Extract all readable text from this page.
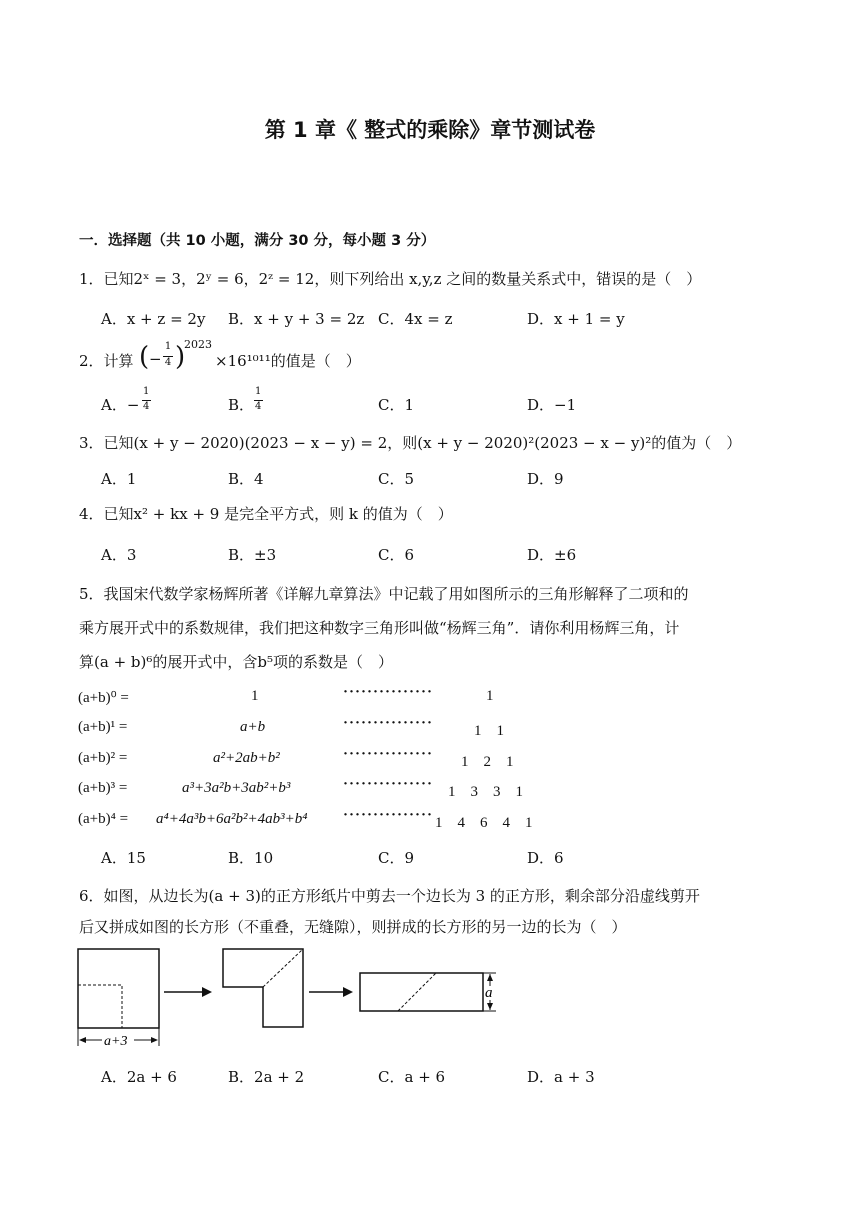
第 1 章《 整式的乘除》章节测试卷
一．选择题（共 10 小题，满分 30 分，每小题 3 分）
1．已知2ˣ = 3，2ʸ = 6，2ᶻ = 12，则下列给出 x,y,z 之间的数量关系式中，错误的是（　）
A．x + z = 2y B．x + y + 3 = 2z C．4x = z	D．x + 1 = y
2．计算 ( −
1
4 )
2023
×16¹⁰¹¹的值是（　）
A．−
1
4	B．
1
4	C．1	D．−1
3．已知(x + y − 2020)(2023 − x − y) = 2，则(x + y − 2020)²(2023 − x − y)²的值为（　）
A．1	B．4	C．5	D．9
4．已知x² + kx + 9 是完全平方式，则 k 的值为（　）
A．3	B．±3	C．6	D．±6
5．我国宋代数学家杨辉所著《详解九章算法》中记载了用如图所示的三角形解释了二项和的
乘方展开式中的系数规律，我们把这种数字三角形叫做“杨辉三角”．请你利用杨辉三角，计
算(a + b)⁶的展开式中，含b⁵项的系数是（　）
(a+b)⁰ =	1	···············	1
(a+b)¹ =	a+b	···············	1　1
(a+b)² =	a²+2ab+b²	··············· 1　2　1
(a+b)³ =	a³+3a²b+3ab²+b³	··············· 1　3　3　1
(a+b)⁴ = a⁴+4a³b+6a²b²+4ab³+b⁴ ··············· 1　4　6　4　1
A．15	B．10	C．9	D．6
6．如图，从边长为(a + 3)的正方形纸片中剪去一个边长为 3 的正方形，剩余部分沿虚线剪开
后又拼成如图的长方形（不重叠，无缝隙），则拼成的长方形的另一边的长为（　）
a+3
a
A．2a + 6	B．2a + 2	C．a + 6	D．a + 3
